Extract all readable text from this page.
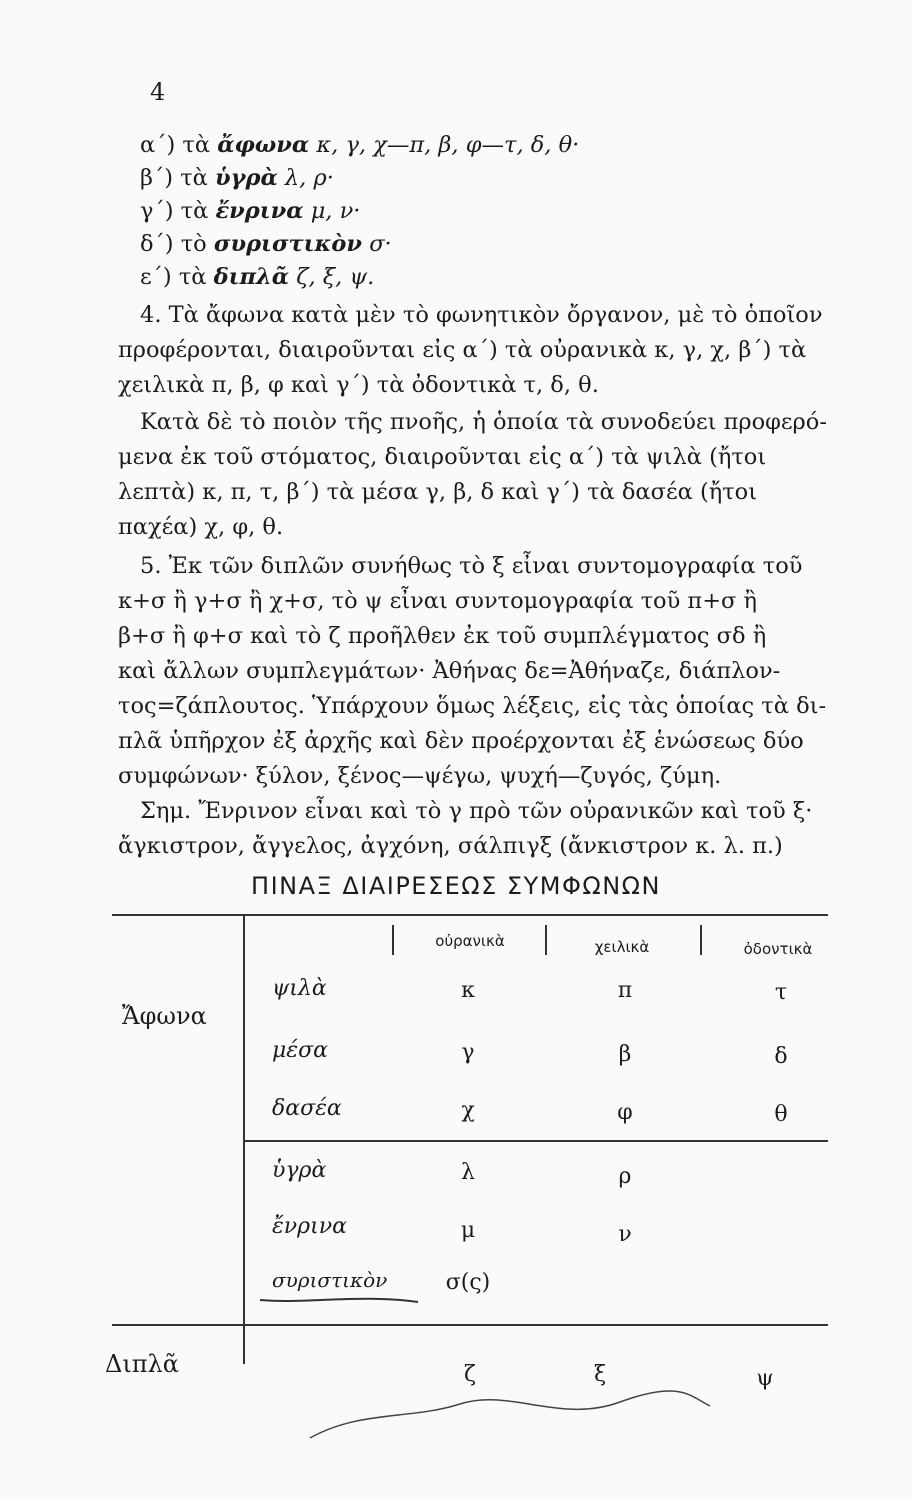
4
α΄) τὰ ἄφωνα κ, γ, χ—π, β, φ—τ, δ, θ·
β΄) τὰ ὑγρὰ λ, ρ·
γ΄) τὰ ἔνρινα μ, ν·
δ΄) τὸ συριστικὸν σ·
ε΄) τὰ διπλᾶ ζ, ξ, ψ.
4. Τὰ ἄφωνα κατὰ μὲν τὸ φωνητικὸν ὄργανον, μὲ τὸ ὁποῖον
προφέρονται, διαιροῦνται εἰς α΄) τὰ οὐρανικὰ κ, γ, χ, β΄) τὰ
χειλικὰ π, β, φ καὶ γ΄) τὰ ὀδοντικὰ τ, δ, θ.
Κατὰ δὲ τὸ ποιὸν τῆς πνοῆς, ἡ ὁποία τὰ συνοδεύει προφερό-
μενα ἐκ τοῦ στόματος, διαιροῦνται εἰς α΄) τὰ ψιλὰ (ἤτοι
λεπτὰ) κ, π, τ, β΄) τὰ μέσα γ, β, δ καὶ γ΄) τὰ δασέα (ἤτοι
παχέα) χ, φ, θ.
5. Ἐκ τῶν διπλῶν συνήθως τὸ ξ εἶναι συντομογραφία τοῦ
κ+σ ἢ γ+σ ἢ χ+σ, τὸ ψ εἶναι συντομογραφία τοῦ π+σ ἢ
β+σ ἢ φ+σ καὶ τὸ ζ προῆλθεν ἐκ τοῦ συμπλέγματος σδ ἢ
καὶ ἄλλων συμπλεγμάτων· Ἀθήνας δε=Ἀθήναζε, διάπλον-
τος=ζάπλουτος. Ὑπάρχουν ὅμως λέξεις, εἰς τὰς ὁποίας τὰ δι-
πλᾶ ὑπῆρχον ἐξ ἀρχῆς καὶ δὲν προέρχονται ἐξ ἑνώσεως δύο
συμφώνων· ξύλον, ξένος—ψέγω, ψυχή—ζυγός, ζύμη.
Σημ. Ἔνρινον εἶναι καὶ τὸ γ πρὸ τῶν οὐρανικῶν καὶ τοῦ ξ·
ἄγκιστρον, ἄγγελος, ἀγχόνη, σάλπιγξ (ἄνκιστρον κ. λ. π.)
ΠΙΝΑΞ ΔΙΑΙΡΕΣΕΩΣ ΣΥΜΦΩΝΩΝ
οὐρανικὰ	χειλικὰ	ὀδοντικὰ
Ἄφωνα
ψιλὰ	κ	π	τ
μέσα	γ	β	δ
δασέα	χ	φ	θ
ὑγρὰ	λ	ρ
ἔνρινα	μ	ν
συριστικὸν	σ(ς)
Διπλᾶ	ζ	ξ	ψ
